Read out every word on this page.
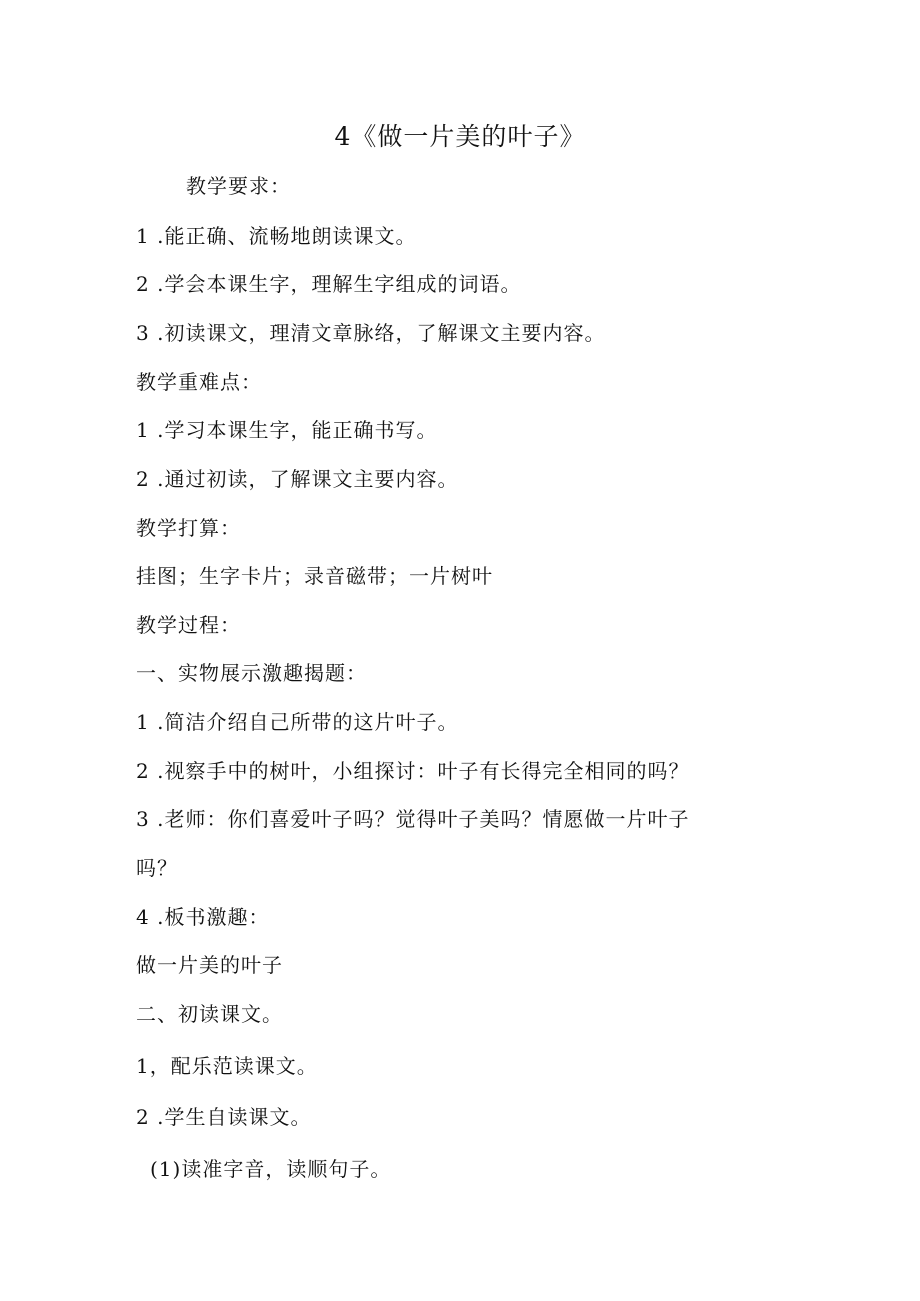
4《做一片美的叶子》
教学要求：
1 .能正确、流畅地朗读课文。
2 .学会本课生字，理解生字组成的词语。
3 .初读课文，理清文章脉络，了解课文主要内容。
教学重难点：
1 .学习本课生字，能正确书写。
2 .通过初读，了解课文主要内容。
教学打算：
挂图；生字卡片；录音磁带；一片树叶
教学过程：
一、实物展示激趣揭题：
1 .简洁介绍自己所带的这片叶子。
2 .视察手中的树叶，小组探讨：叶子有长得完全相同的吗？
3 .老师：你们喜爱叶子吗？觉得叶子美吗？情愿做一片叶子
吗？
4 .板书激趣：
做一片美的叶子
二、初读课文。
1，配乐范读课文。
2 .学生自读课文。
(1)读准字音，读顺句子。
